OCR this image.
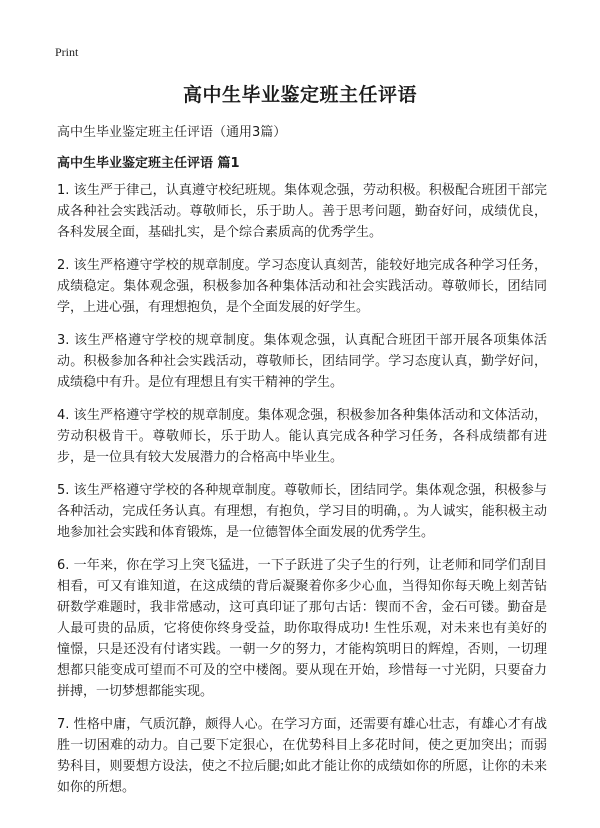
Print
高中生毕业鉴定班主任评语

高中生毕业鉴定班主任评语（通用3篇）

高中生毕业鉴定班主任评语 篇1

1. 该生严于律己，认真遵守校纪班规。集体观念强，劳动积极。积极配合班团干部完成各种社会实践活动。尊敬师长，乐于助人。善于思考问题，勤奋好问，成绩优良，各科发展全面，基础扎实，是个综合素质高的优秀学生。

2. 该生严格遵守学校的规章制度。学习态度认真刻苦，能较好地完成各种学习任务，成绩稳定。集体观念强，积极参加各种集体活动和社会实践活动。尊敬师长，团结同学，上进心强，有理想抱负，是个全面发展的好学生。

3. 该生严格遵守学校的规章制度。集体观念强，认真配合班团干部开展各项集体活动。积极参加各种社会实践活动，尊敬师长，团结同学。学习态度认真，勤学好问，成绩稳中有升。是位有理想且有实干精神的学生。

4. 该生严格遵守学校的规章制度。集体观念强，积极参加各种集体活动和文体活动，劳动积极肯干。尊敬师长，乐于助人。能认真完成各种学习任务，各科成绩都有进步，是一位具有较大发展潜力的合格高中毕业生。

5. 该生严格遵守学校的各种规章制度。尊敬师长，团结同学。集体观念强，积极参与各种活动，完成任务认真。有理想，有抱负，学习目的明确，。为人诚实，能积极主动地参加社会实践和体育锻炼，是一位德智体全面发展的优秀学生。

6. 一年来，你在学习上突飞猛进，一下子跃进了尖子生的行列，让老师和同学们刮目相看，可又有谁知道，在这成绩的背后凝聚着你多少心血，当得知你每天晚上刻苦钻研数学难题时，我非常感动，这可真印证了那句古话：锲而不舍，金石可镂。勤奋是人最可贵的品质，它将使你终身受益，助你取得成功! 生性乐观，对未来也有美好的憧憬，只是还没有付诸实践。一朝一夕的努力，才能构筑明日的辉煌，否则，一切理想都只能变成可望而不可及的空中楼阁。要从现在开始，珍惜每一寸光阴，只要奋力拼搏，一切梦想都能实现。

7. 性格中庸，气质沉静，颇得人心。在学习方面，还需要有雄心壮志，有雄心才有战胜一切困难的动力。自己要下定狠心，在优势科目上多花时间，使之更加突出；而弱势科目，则要想方设法，使之不拉后腿;如此才能让你的成绩如你的所愿，让你的未来如你的所想。
